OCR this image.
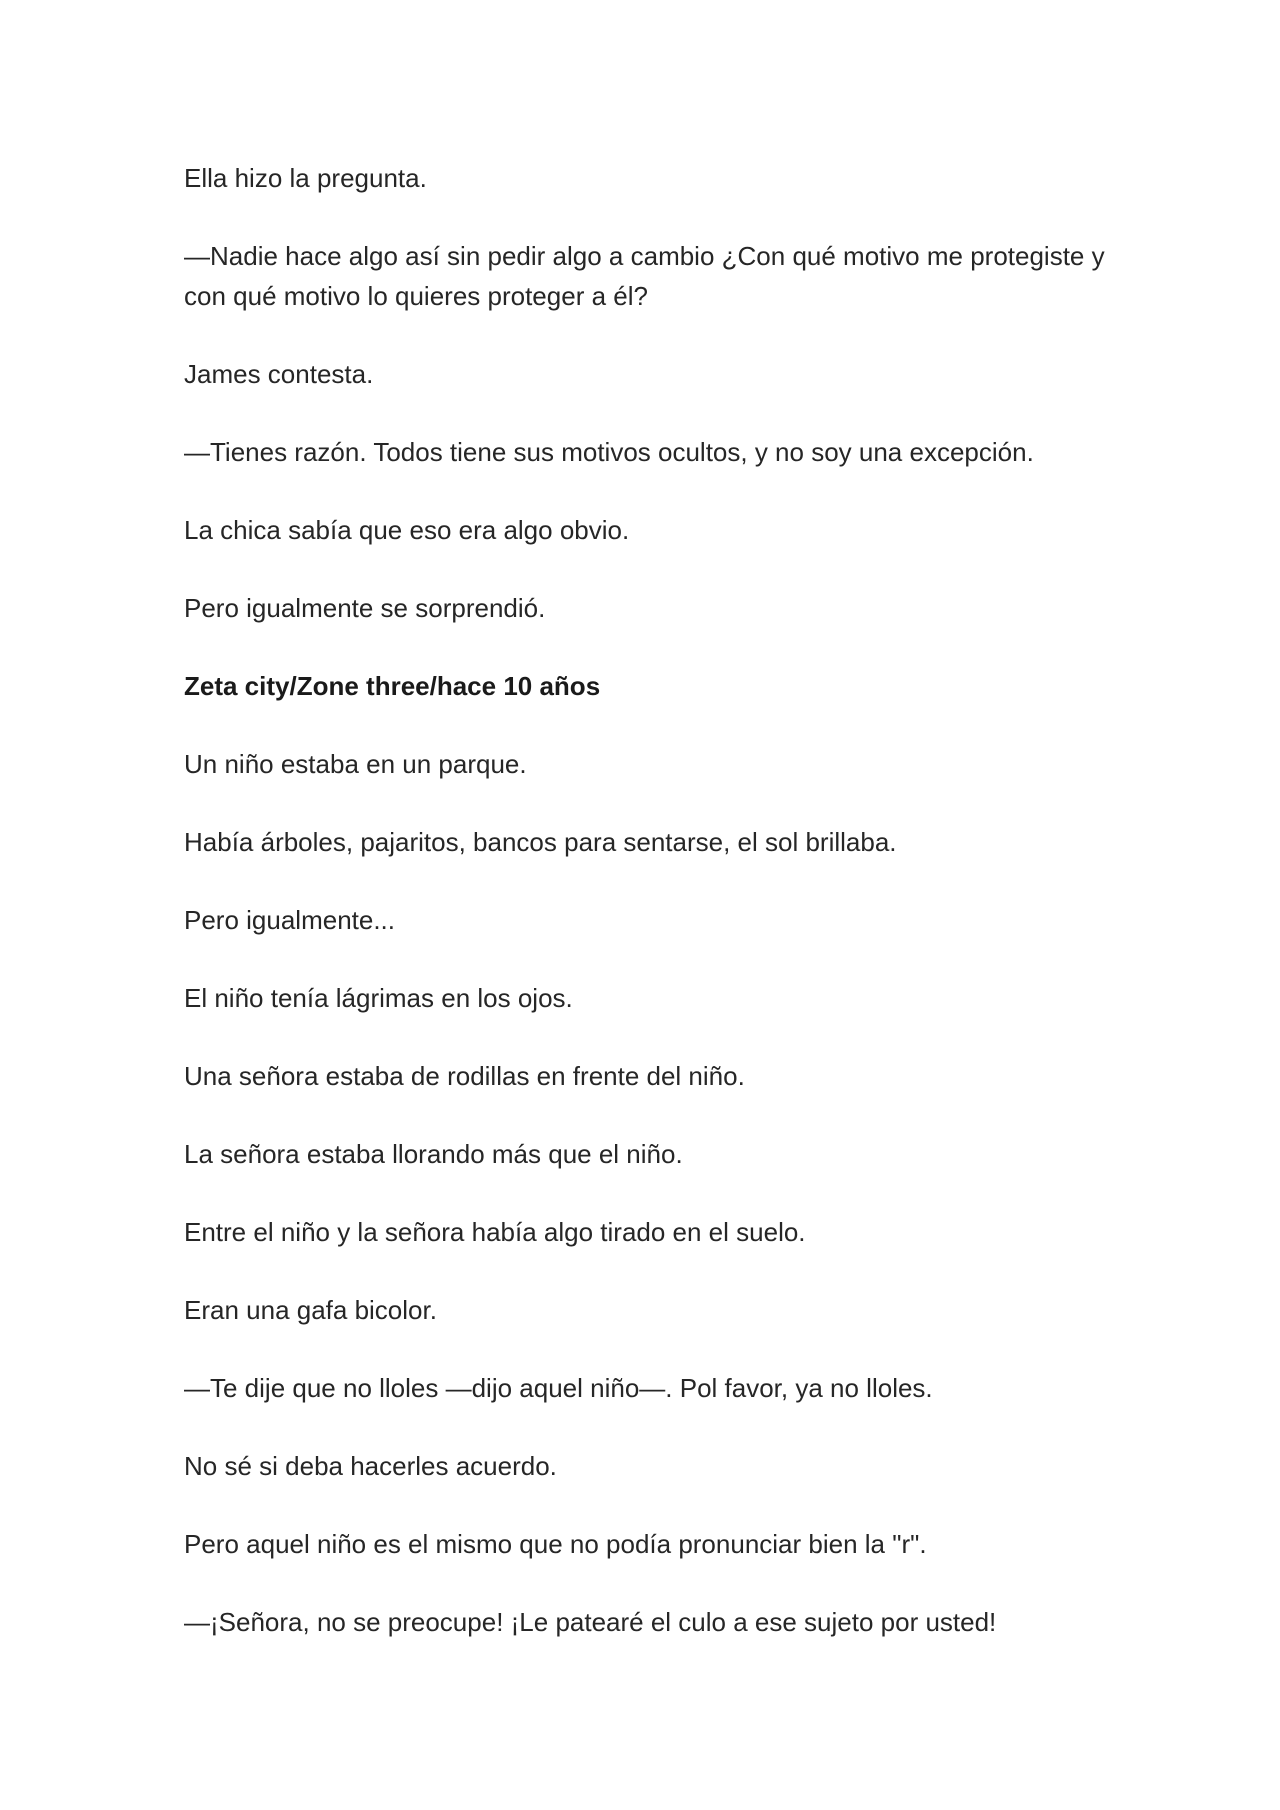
Ella hizo la pregunta.

—Nadie hace algo así sin pedir algo a cambio ¿Con qué motivo me protegiste y con qué motivo lo quieres proteger a él?

James contesta.

—Tienes razón. Todos tiene sus motivos ocultos, y no soy una excepción.

La chica sabía que eso era algo obvio.

Pero igualmente se sorprendió.

Zeta city/Zone three/hace 10 años

Un niño estaba en un parque.

Había árboles, pajaritos, bancos para sentarse, el sol brillaba.

Pero igualmente...

El niño tenía lágrimas en los ojos.

Una señora estaba de rodillas en frente del niño.

La señora estaba llorando más que el niño.

Entre el niño y la señora había algo tirado en el suelo.

Eran una gafa bicolor.

—Te dije que no lloles —dijo aquel niño—. Pol favor, ya no lloles.

No sé si deba hacerles acuerdo.

Pero aquel niño es el mismo que no podía pronunciar bien la "r".

—¡Señora, no se preocupe! ¡Le patearé el culo a ese sujeto por usted!
